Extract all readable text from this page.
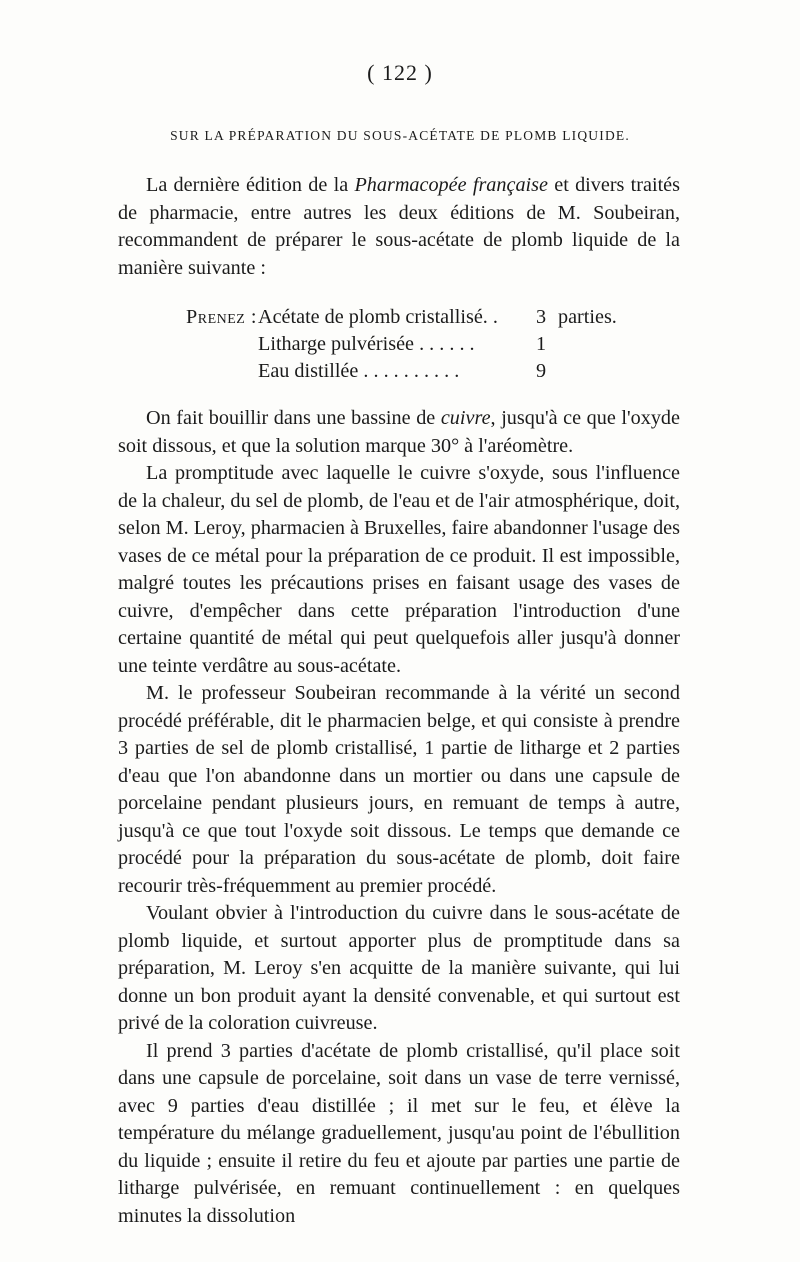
( 122 )
SUR LA PRÉPARATION DU SOUS-ACÉTATE DE PLOMB LIQUIDE.

La dernière édition de la Pharmacopée française et divers traités de pharmacie, entre autres les deux éditions de M. Soubeiran, recommandent de préparer le sous-acétate de plomb liquide de la manière suivante :

Prenez : Acétate de plomb cristallisé. .	3 parties.
Litharge pulvérisée . . . . . .	1
Eau distillée . . . . . . . . . .	9

On fait bouillir dans une bassine de cuivre, jusqu'à ce que l'oxyde soit dissous, et que la solution marque 30° à l'aréomètre.

La promptitude avec laquelle le cuivre s'oxyde, sous l'influence de la chaleur, du sel de plomb, de l'eau et de l'air atmosphérique, doit, selon M. Leroy, pharmacien à Bruxelles, faire abandonner l'usage des vases de ce métal pour la préparation de ce produit. Il est impossible, malgré toutes les précautions prises en faisant usage des vases de cuivre, d'empêcher dans cette préparation l'introduction d'une certaine quantité de métal qui peut quelquefois aller jusqu'à donner une teinte verdâtre au sous-acétate.

M. le professeur Soubeiran recommande à la vérité un second procédé préférable, dit le pharmacien belge, et qui consiste à prendre 3 parties de sel de plomb cristallisé, 1 partie de litharge et 2 parties d'eau que l'on abandonne dans un mortier ou dans une capsule de porcelaine pendant plusieurs jours, en remuant de temps à autre, jusqu'à ce que tout l'oxyde soit dissous. Le temps que demande ce procédé pour la préparation du sous-acétate de plomb, doit faire recourir très-fréquemment au premier procédé.

Voulant obvier à l'introduction du cuivre dans le sous-acétate de plomb liquide, et surtout apporter plus de promptitude dans sa préparation, M. Leroy s'en acquitte de la manière suivante, qui lui donne un bon produit ayant la densité convenable, et qui surtout est privé de la coloration cuivreuse.

Il prend 3 parties d'acétate de plomb cristallisé, qu'il place soit dans une capsule de porcelaine, soit dans un vase de terre vernissé, avec 9 parties d'eau distillée ; il met sur le feu, et élève la température du mélange graduellement, jusqu'au point de l'ébullition du liquide ; ensuite il retire du feu et ajoute par parties une partie de litharge pulvérisée, en remuant continuellement : en quelques minutes la dissolution
